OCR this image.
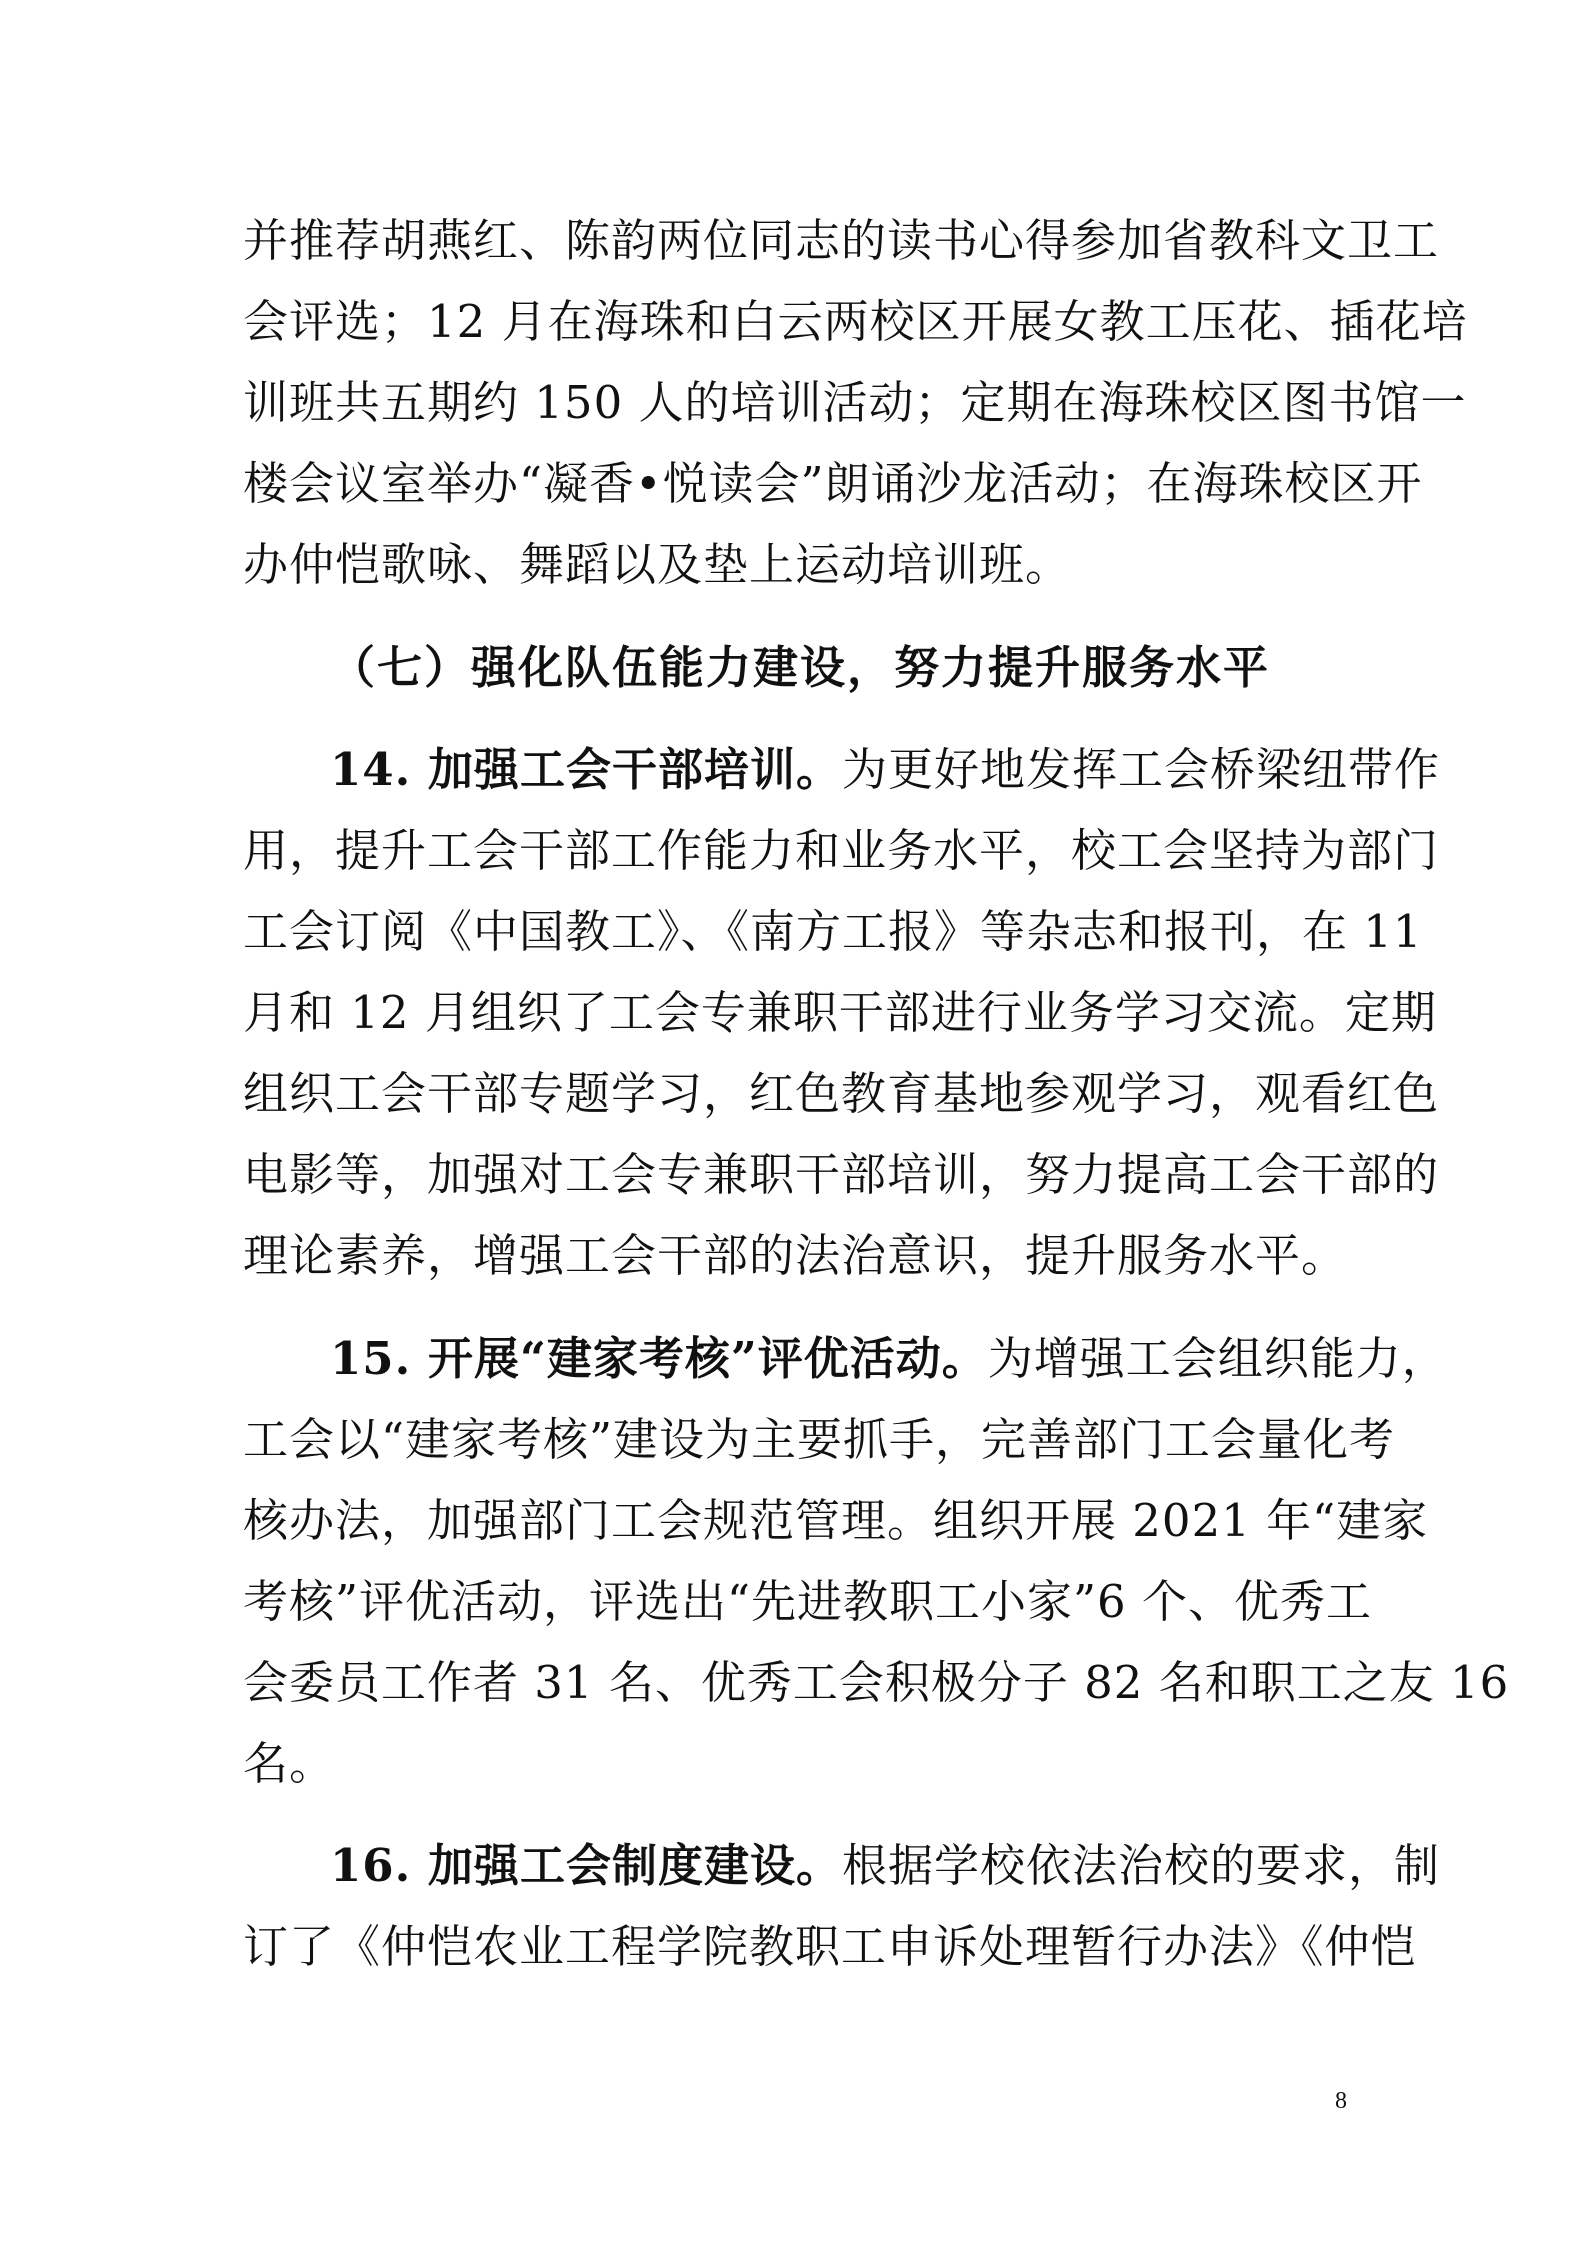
并推荐胡燕红、陈韵两位同志的读书心得参加省教科文卫工
会评选；12 月在海珠和白云两校区开展女教工压花、插花培
训班共五期约 150 人的培训活动；定期在海珠校区图书馆一
楼会议室举办“凝香•悦读会”朗诵沙龙活动；在海珠校区开
办仲恺歌咏、舞蹈以及垫上运动培训班。
（七）强化队伍能力建设，努力提升服务水平
14. 加强工会干部培训。为更好地发挥工会桥梁纽带作
用，提升工会干部工作能力和业务水平，校工会坚持为部门
工会订阅《中国教工》、《南方工报》等杂志和报刊，在 11
月和 12 月组织了工会专兼职干部进行业务学习交流。定期
组织工会干部专题学习，红色教育基地参观学习，观看红色
电影等，加强对工会专兼职干部培训，努力提高工会干部的
理论素养，增强工会干部的法治意识，提升服务水平。
15. 开展“建家考核”评优活动。为增强工会组织能力，
工会以“建家考核”建设为主要抓手，完善部门工会量化考
核办法，加强部门工会规范管理。组织开展 2021 年“建家
考核”评优活动，评选出“先进教职工小家”6 个、优秀工
会委员工作者 31 名、优秀工会积极分子 82 名和职工之友 16
名。
16. 加强工会制度建设。根据学校依法治校的要求，制
订了《仲恺农业工程学院教职工申诉处理暂行办法》《仲恺
8
